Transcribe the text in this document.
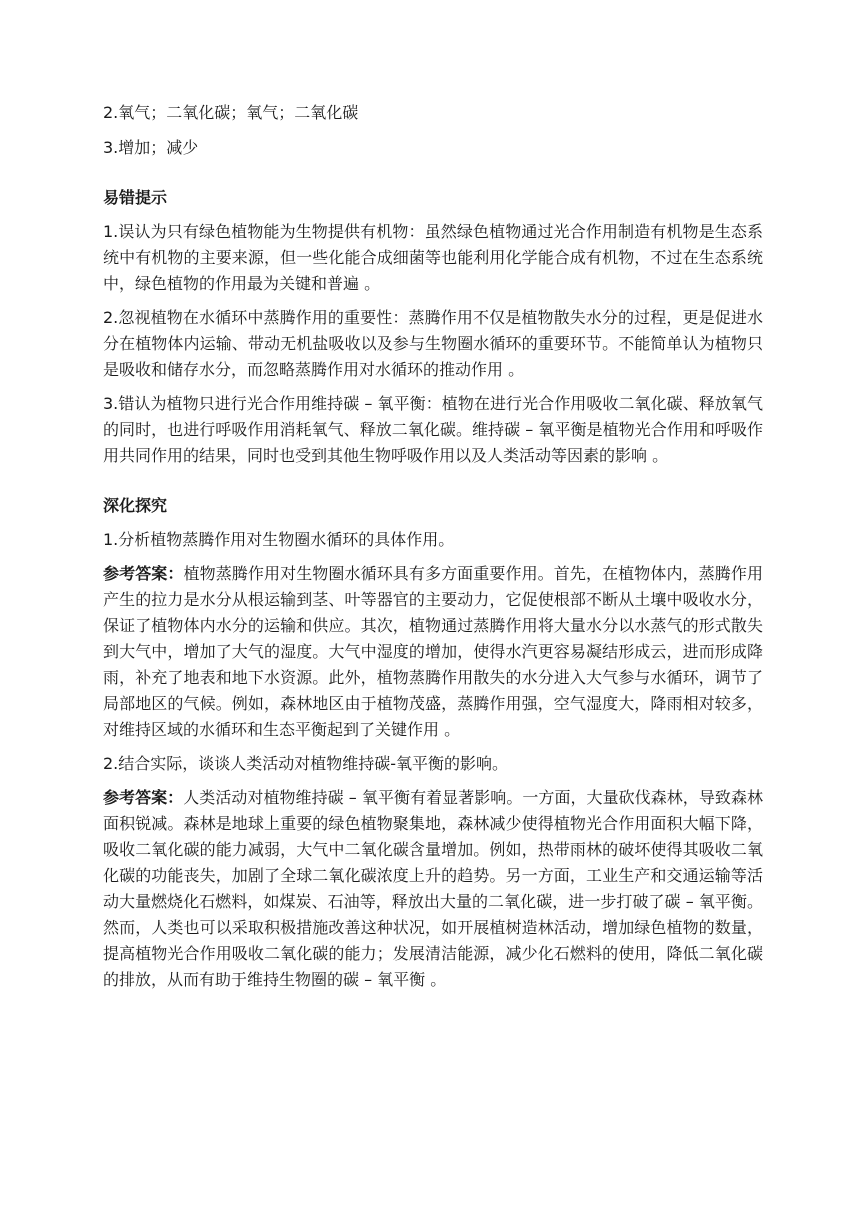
2.氧气；二氧化碳；氧气；二氧化碳

3.增加；减少

易错提示

1.误认为只有绿色植物能为生物提供有机物：虽然绿色植物通过光合作用制造有机物是生态系统中有机物的主要来源，但一些化能合成细菌等也能利用化学能合成有机物，不过在生态系统中，绿色植物的作用最为关键和普遍 。

2.忽视植物在水循环中蒸腾作用的重要性：蒸腾作用不仅是植物散失水分的过程，更是促进水分在植物体内运输、带动无机盐吸收以及参与生物圈水循环的重要环节。不能简单认为植物只是吸收和储存水分，而忽略蒸腾作用对水循环的推动作用 。

3.错认为植物只进行光合作用维持碳 – 氧平衡：植物在进行光合作用吸收二氧化碳、释放氧气的同时，也进行呼吸作用消耗氧气、释放二氧化碳。维持碳 – 氧平衡是植物光合作用和呼吸作用共同作用的结果，同时也受到其他生物呼吸作用以及人类活动等因素的影响 。

深化探究

1.分析植物蒸腾作用对生物圈水循环的具体作用。

参考答案：植物蒸腾作用对生物圈水循环具有多方面重要作用。首先，在植物体内，蒸腾作用产生的拉力是水分从根运输到茎、叶等器官的主要动力，它促使根部不断从土壤中吸收水分，保证了植物体内水分的运输和供应。其次，植物通过蒸腾作用将大量水分以水蒸气的形式散失到大气中，增加了大气的湿度。大气中湿度的增加，使得水汽更容易凝结形成云，进而形成降雨，补充了地表和地下水资源。此外，植物蒸腾作用散失的水分进入大气参与水循环，调节了局部地区的气候。例如，森林地区由于植物茂盛，蒸腾作用强，空气湿度大，降雨相对较多，对维持区域的水循环和生态平衡起到了关键作用 。

2.结合实际，谈谈人类活动对植物维持碳-氧平衡的影响。

参考答案：人类活动对植物维持碳 – 氧平衡有着显著影响。一方面，大量砍伐森林，导致森林面积锐减。森林是地球上重要的绿色植物聚集地，森林减少使得植物光合作用面积大幅下降，吸收二氧化碳的能力减弱，大气中二氧化碳含量增加。例如，热带雨林的破坏使得其吸收二氧化碳的功能丧失，加剧了全球二氧化碳浓度上升的趋势。另一方面，工业生产和交通运输等活动大量燃烧化石燃料，如煤炭、石油等，释放出大量的二氧化碳，进一步打破了碳 – 氧平衡。然而，人类也可以采取积极措施改善这种状况，如开展植树造林活动，增加绿色植物的数量，提高植物光合作用吸收二氧化碳的能力；发展清洁能源，减少化石燃料的使用，降低二氧化碳的排放，从而有助于维持生物圈的碳 – 氧平衡 。
